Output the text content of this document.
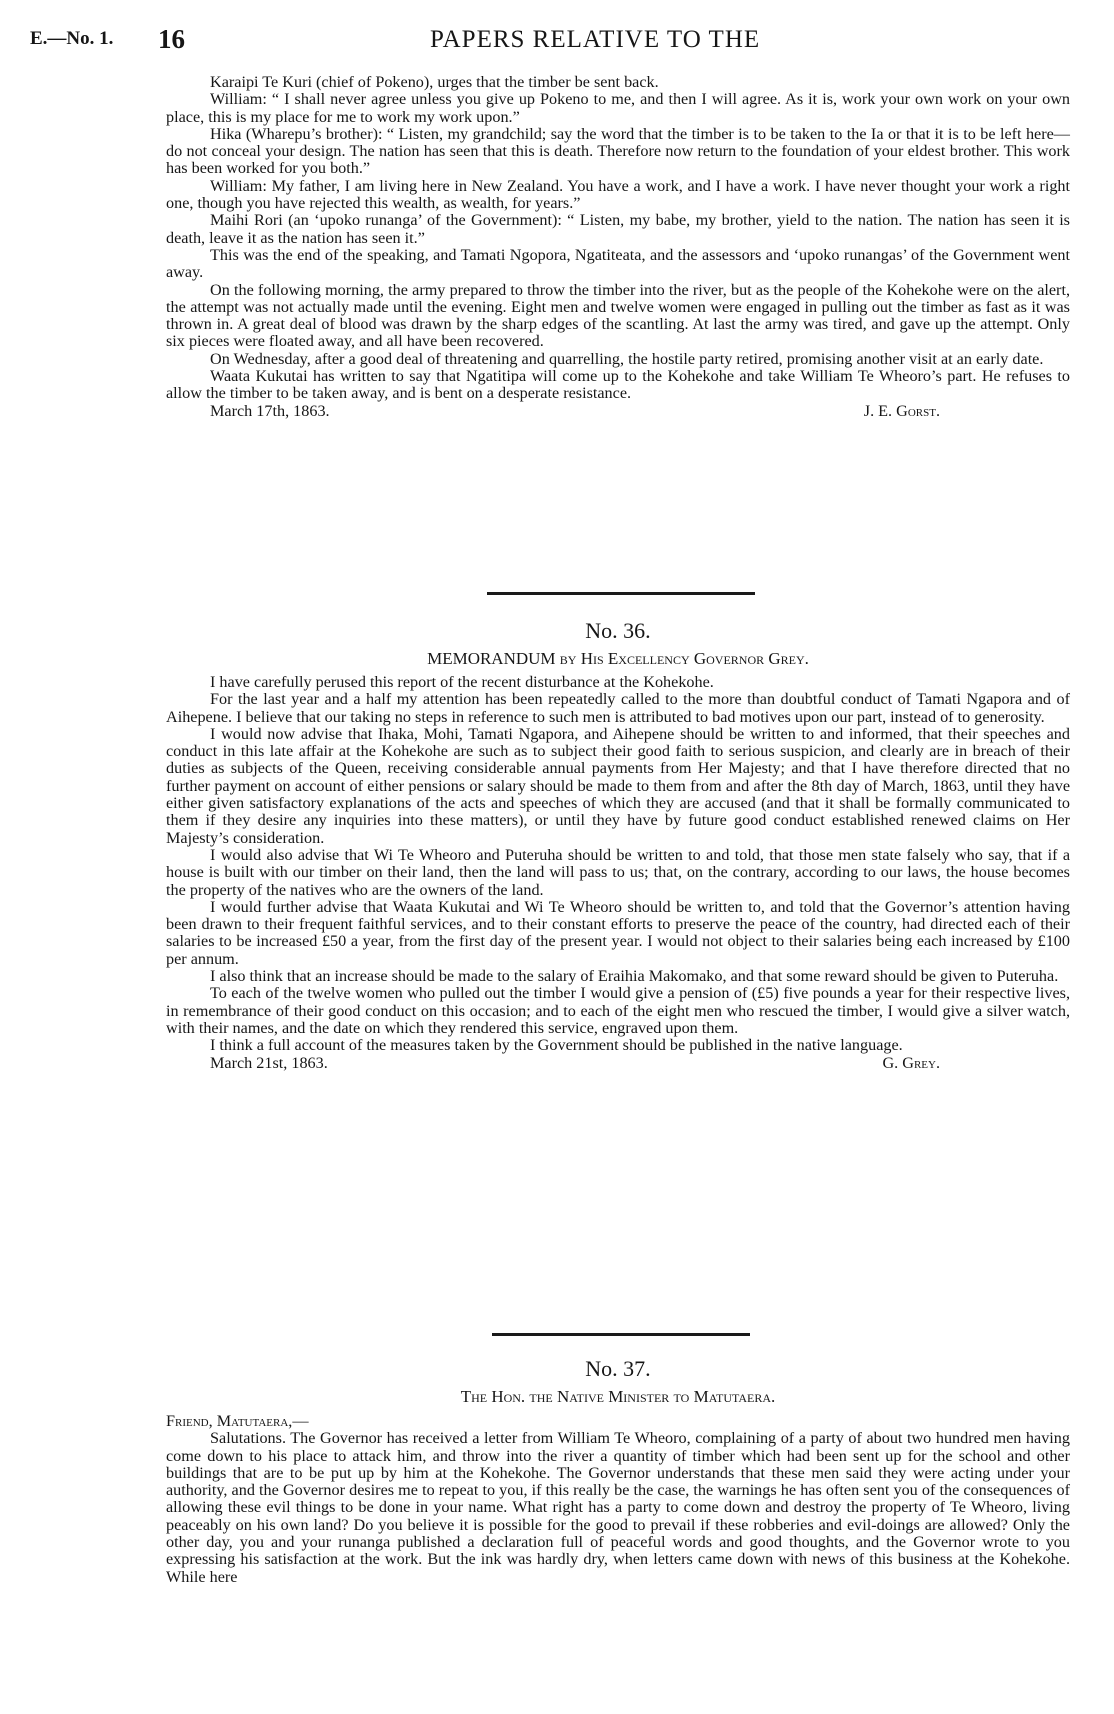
E.—No. 1. 16	PAPERS RELATIVE TO THE

Karaipi Te Kuri (chief of Pokeno), urges that the timber be sent back.

William: “ I shall never agree unless you give up Pokeno to me, and then I will agree. As it is, work your own work on your own place, this is my place for me to work my work upon.”

Hika (Wharepu’s brother): “ Listen, my grandchild; say the word that the timber is to be taken to the Ia or that it is to be left here—do not conceal your design. The nation has seen that this is death. Therefore now return to the foundation of your eldest brother. This work has been worked for you both.”

William: My father, I am living here in New Zealand. You have a work, and I have a work. I have never thought your work a right one, though you have rejected this wealth, as wealth, for years.”

Maihi Rori (an ‘upoko runanga’ of the Government): “ Listen, my babe, my brother, yield to the nation. The nation has seen it is death, leave it as the nation has seen it.”

This was the end of the speaking, and Tamati Ngopora, Ngatiteata, and the assessors and ‘upoko runangas’ of the Government went away.

On the following morning, the army prepared to throw the timber into the river, but as the people of the Kohekohe were on the alert, the attempt was not actually made until the evening. Eight men and twelve women were engaged in pulling out the timber as fast as it was thrown in. A great deal of blood was drawn by the sharp edges of the scantling. At last the army was tired, and gave up the attempt. Only six pieces were floated away, and all have been recovered.

On Wednesday, after a good deal of threatening and quarrelling, the hostile party retired, promising another visit at an early date.

Waata Kukutai has written to say that Ngatitipa will come up to the Kohekohe and take William Te Wheoro’s part. He refuses to allow the timber to be taken away, and is bent on a desperate resistance.

March 17th, 1863.	J. E. Gorst.
No. 36.
MEMORANDUM by His Excellency Governor Grey.

I have carefully perused this report of the recent disturbance at the Kohekohe.

For the last year and a half my attention has been repeatedly called to the more than doubtful conduct of Tamati Ngapora and of Aihepene. I believe that our taking no steps in reference to such men is attributed to bad motives upon our part, instead of to generosity.

I would now advise that Ihaka, Mohi, Tamati Ngapora, and Aihepene should be written to and informed, that their speeches and conduct in this late affair at the Kohekohe are such as to subject their good faith to serious suspicion, and clearly are in breach of their duties as subjects of the Queen, receiving considerable annual payments from Her Majesty; and that I have therefore directed that no further payment on account of either pensions or salary should be made to them from and after the 8th day of March, 1863, until they have either given satisfactory explanations of the acts and speeches of which they are accused (and that it shall be formally communicated to them if they desire any inquiries into these matters), or until they have by future good conduct established renewed claims on Her Majesty’s consideration.

I would also advise that Wi Te Wheoro and Puteruha should be written to and told, that those men state falsely who say, that if a house is built with our timber on their land, then the land will pass to us; that, on the contrary, according to our laws, the house becomes the property of the natives who are the owners of the land.

I would further advise that Waata Kukutai and Wi Te Wheoro should be written to, and told that the Governor’s attention having been drawn to their frequent faithful services, and to their constant efforts to preserve the peace of the country, had directed each of their salaries to be increased £50 a year, from the first day of the present year. I would not object to their salaries being each increased by £100 per annum.

I also think that an increase should be made to the salary of Eraihia Makomako, and that some reward should be given to Puteruha.

To each of the twelve women who pulled out the timber I would give a pension of (£5) five pounds a year for their respective lives, in remembrance of their good conduct on this occasion; and to each of the eight men who rescued the timber, I would give a silver watch, with their names, and the date on which they rendered this service, engraved upon them.

I think a full account of the measures taken by the Government should be published in the native language.

March 21st, 1863.	G. Grey.
No. 37.
The Hon. the Native Minister to Matutaera.

Friend, Matutaera,—

Salutations. The Governor has received a letter from William Te Wheoro, complaining of a party of about two hundred men having come down to his place to attack him, and throw into the river a quantity of timber which had been sent up for the school and other buildings that are to be put up by him at the Kohekohe. The Governor understands that these men said they were acting under your authority, and the Governor desires me to repeat to you, if this really be the case, the warnings he has often sent you of the consequences of allowing these evil things to be done in your name. What right has a party to come down and destroy the property of Te Wheoro, living peaceably on his own land? Do you believe it is possible for the good to prevail if these robberies and evil-doings are allowed? Only the other day, you and your runanga published a declaration full of peaceful words and good thoughts, and the Governor wrote to you expressing his satisfaction at the work. But the ink was hardly dry, when letters came down with news of this business at the Kohekohe. While here
